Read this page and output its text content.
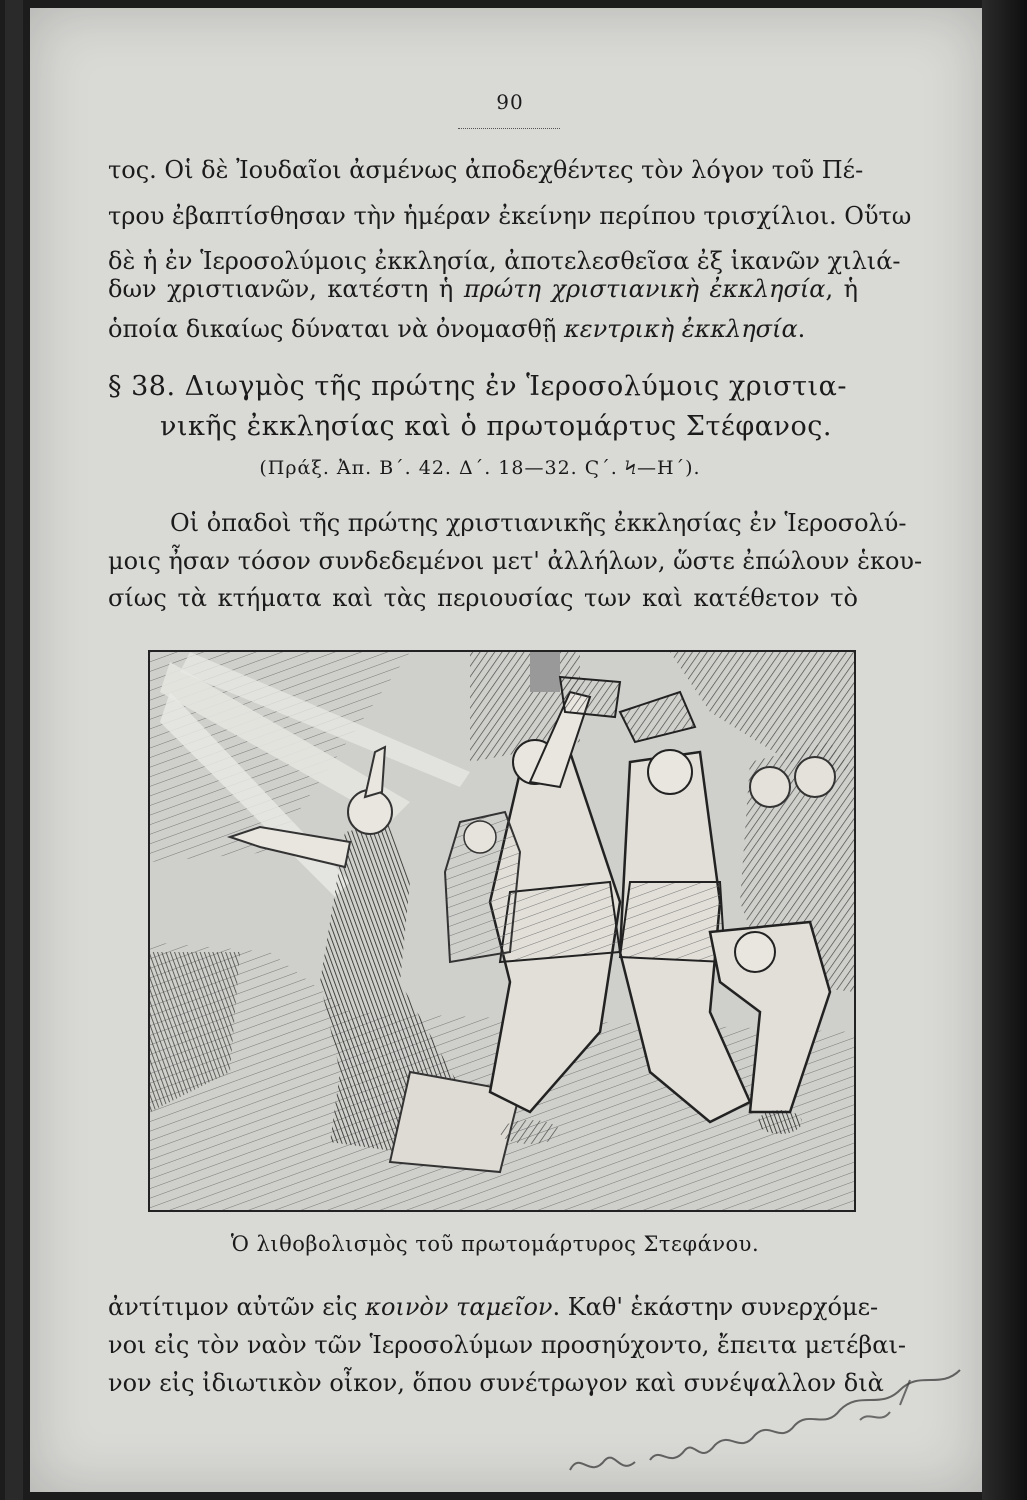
90
τος. Οἱ δὲ Ἰουδαῖοι ἀσμένως ἀποδεχθέντες τὸν λόγον τοῦ Πέ-
τρου ἐβαπτίσθησαν τὴν ἡμέραν ἐκείνην περίπου τρισχίλιοι. Οὕτω
δὲ ἡ ἐν Ἱεροσολύμοις ἐκκλησία, ἀποτελεσθεῖσα ἐξ ἱκανῶν χιλιά-
δων χριστιανῶν, κατέστη ἡ πρώτη χριστιανικὴ ἐκκλησία, ἡ
ὁποία δικαίως δύναται νὰ ὀνομασθῇ κεντρικὴ ἐκκλησία.
§ 38. Διωγμὸς τῆς πρώτης ἐν Ἱεροσολύμοις χριστια-
νικῆς ἐκκλησίας καὶ ὁ πρωτομάρτυς Στέφανος.
(Πράξ. Ἀπ. Β΄. 42. Δ΄. 18—32. Ϛ΄. Ϟ—Η΄).
Οἱ ὀπαδοὶ τῆς πρώτης χριστιανικῆς ἐκκλησίας ἐν Ἱεροσολύ-
μοις ἦσαν τόσον συνδεδεμένοι μετ' ἀλλήλων, ὥστε ἐπώλουν ἑκου-
σίως τὰ κτήματα καὶ τὰς περιουσίας των καὶ κατέθετον τὸ
Ὁ λιθοβολισμὸς τοῦ πρωτομάρτυρος Στεφάνου.
ἀντίτιμον αὐτῶν εἰς κοινὸν ταμεῖον. Καθ' ἑκάστην συνερχόμε-
νοι εἰς τὸν ναὸν τῶν Ἱεροσολύμων προσηύχοντο, ἔπειτα μετέβαι-
νον εἰς ἰδιωτικὸν οἶκον, ὅπου συνέτρωγον καὶ συνέψαλλον διὰ
